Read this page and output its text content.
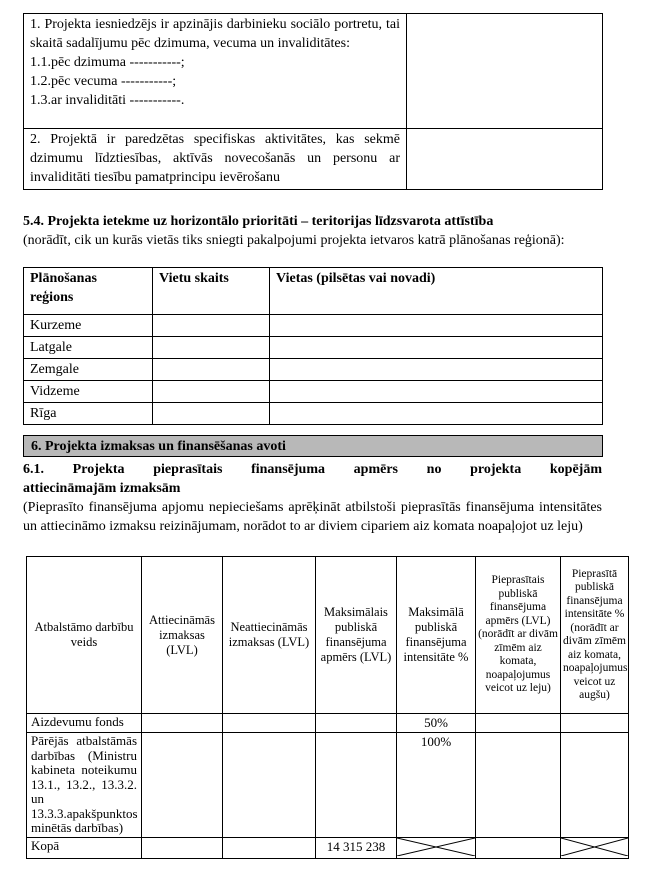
1. Projekta iesniedzējs ir apzinājis darbinieku sociālo portretu, tai skaitā sadalījumu pēc dzimuma, vecuma un invaliditātes:
1.1.pēc dzimuma -----------;
1.2.pēc vecuma -----------;
1.3.ar invaliditāti -----------.	

2. Projektā ir paredzētas specifiskas aktivitātes, kas sekmē dzimumu līdztiesības, aktīvās novecošanās un personu ar invaliditāti tiesību pamatprincipu ievērošanu	

5.4. Projekta ietekme uz horizontālo prioritāti – teritorijas līdzsvarota attīstība
(norādīt, cik un kurās vietās tiks sniegti pakalpojumi projekta ietvaros katrā plānošanas reģionā):
Plānošanas reģions	Vietu skaits	Vietas (pilsētas vai novadi)
Kurzeme		
Latgale		
Zemgale		
Vidzeme		
Rīga		
6. Projekta izmaksas un finansēšanas avoti
6.1. Projekta pieprasītais finansējuma apmērs no projekta kopējām
attiecināmajām izmaksām
(Pieprasīto finansējuma apjomu nepieciešams aprēķināt atbilstoši pieprasītās finansējuma intensitātes un attiecināmo izmaksu reizinājumam, norādot to ar diviem cipariem aiz komata noapaļojot uz leju)
Atbalstāmo darbību veids	Attiecināmās izmaksas (LVL)	Neattiecināmās izmaksas (LVL)	Maksimālais publiskā finansējuma apmērs (LVL)	Maksimālā publiskā finansējuma intensitāte %	Pieprasītais publiskā finansējuma apmērs (LVL) (norādīt ar divām zīmēm aiz komata, noapaļojumus veicot uz leju)	Pieprasītā publiskā finansējuma intensitāte % (norādīt ar divām zīmēm aiz komata, noapaļojumus veicot uz augšu)
Aizdevumu fonds				50%		
Pārējās atbalstāmās darbības (Ministru kabineta noteikumu 13.1., 13.2., 13.3.2. un 13.3.3.apakšpunktos minētās darbības)				100%		
Kopā			14 315 238	
